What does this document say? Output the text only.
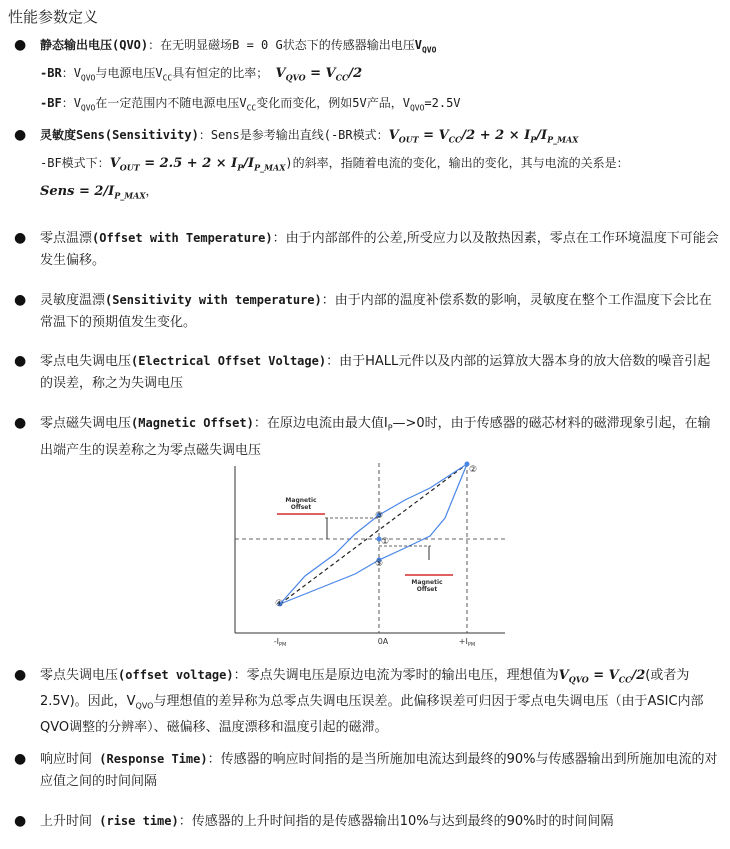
性能参数定义
●	静态输出电压(QVO)：在无明显磁场B = 0 G状态下的传感器输出电压$V_{QVO}$
-BR：$V_{QVO}$与电源电压$V_{CC}$具有恒定的比率； $V_{QVO} = V_{CC}/2$
-BF：$V_{QVO}$在一定范围内不随电源电压$V_{CC}$变化而变化，例如5V产品，$V_{QVO}=2.5V$
●	灵敏度Sens(Sensitivity)：Sens是参考输出直线(-BR模式：$V_{OUT} = V_{CC}/2 + 2 \times I_P/I_{P\_MAX}$
-BF模式下：$V_{OUT} = 2.5 + 2 \times I_P/I_{P\_MAX}$)的斜率，指随着电流的变化，输出的变化，其与电流的关系是：
Sens = $2/I_{P\_MAX}$，
●	零点温漂(Offset with Temperature)：由于内部部件的公差,所受应力以及散热因素，零点在工作环境温度下可能会发生偏移。
●	灵敏度温漂(Sensitivity with temperature)：由于内部的温度补偿系数的影响，灵敏度在整个工作温度下会比在常温下的预期值发生变化。
●	零点电失调电压(Electrical Offset Voltage)：由于HALL元件以及内部的运算放大器本身的放大倍数的噪音引起的误差，称之为失调电压
●	零点磁失调电压(Magnetic Offset)：在原边电流由最大值$I_P—>0$时，由于传感器的磁芯材料的磁滞现象引起，在输出端产生的误差称之为零点磁失调电压
①
②
③
④
⑤
Magnetic
Offset
Magnetic
Offset
$-I_{PM}$	0A	$+I_{PM}$
●	零点失调电压(offset voltage)：零点失调电压是原边电流为零时的输出电压，理想值为$V_{QVO} = V_{CC}/2$(或者为2.5V)。因此，$V_{QVO}$与理想值的差异称为总零点失调电压误差。此偏移误差可归因于零点电失调电压（由于ASIC内部QVO调整的分辨率）、磁偏移、温度漂移和温度引起的磁滞。
●	响应时间 (Response Time)：传感器的响应时间指的是当所施加电流达到最终的90%与传感器输出到所施加电流的对应值之间的时间间隔
●	上升时间 (rise time)：传感器的上升时间指的是传感器输出10%与达到最终的90%时的时间间隔
